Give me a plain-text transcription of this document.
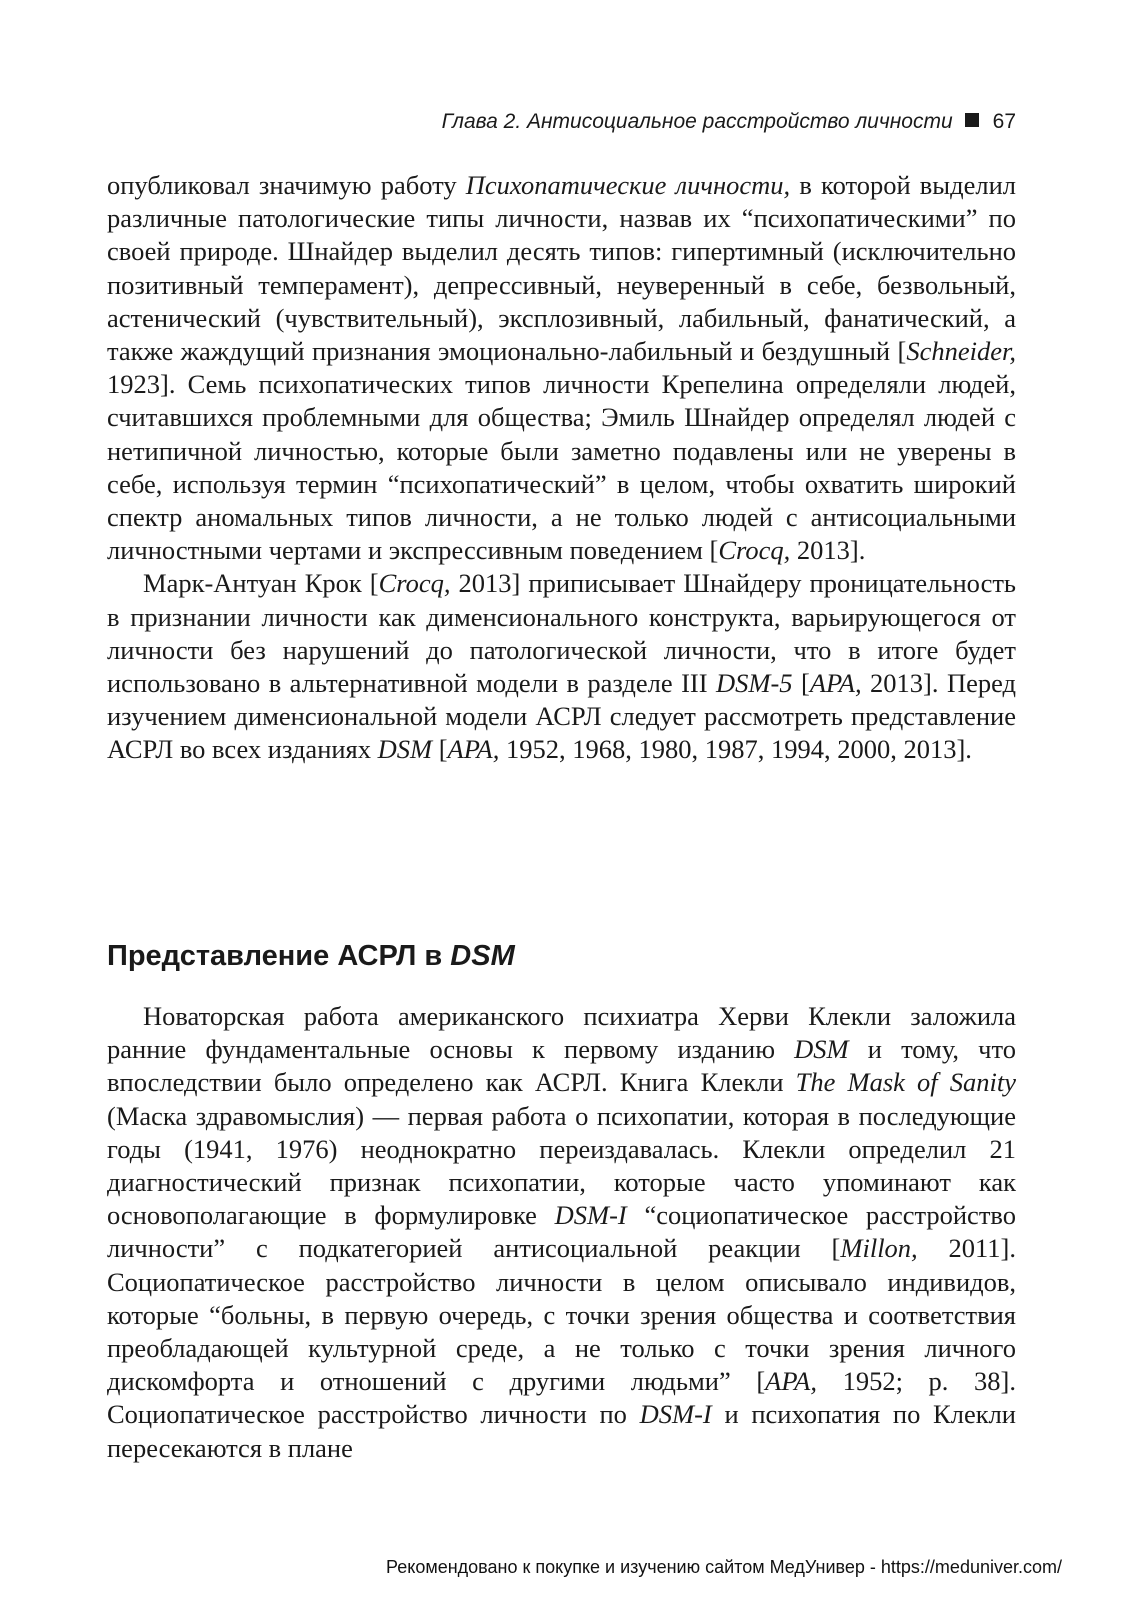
Глава 2. Антисоциальное расстройство личности 67

опубликовал значимую работу Психопатические личности, в которой выделил различные патологические типы личности, назвав их “психопатическими” по своей природе. Шнайдер выделил десять типов: гипертимный (исключительно позитивный темперамент), депрессивный, неуверенный в себе, безвольный, астенический (чувствительный), эксплозивный, лабильный, фанатический, а также жаждущий признания эмоционально-лабильный и бездушный [Schneider, 1923]. Семь психопатических типов личности Крепелина определяли людей, считавшихся проблемными для общества; Эмиль Шнайдер определял людей с нетипичной личностью, которые были заметно подавлены или не уверены в себе, используя термин “психопатический” в целом, чтобы охватить широкий спектр аномальных типов личности, а не только людей с антисоциальными личностными чертами и экспрессивным поведением [Crocq, 2013].

Марк-Антуан Крок [Crocq, 2013] приписывает Шнайдеру проницательность в признании личности как дименсионального конструкта, варьирующегося от личности без нарушений до патологической личности, что в итоге будет использовано в альтернативной модели в разделе III DSM-5 [APA, 2013]. Перед изучением дименсиональной модели АСРЛ следует рассмотреть представление АСРЛ во всех изданиях DSM [APA, 1952, 1968, 1980, 1987, 1994, 2000, 2013].

Представление АСРЛ в DSM

Новаторская работа американского психиатра Херви Клекли заложила ранние фундаментальные основы к первому изданию DSM и тому, что впоследствии было определено как АСРЛ. Книга Клекли The Mask of Sanity (Маска здравомыслия) — первая работа о психопатии, которая в последующие годы (1941, 1976) неоднократно переиздавалась. Клекли определил 21 диагностический признак психопатии, которые часто упоминают как основополагающие в формулировке DSM-I “социопатическое расстройство личности” с подкатегорией антисоциальной реакции [Millon, 2011]. Социопатическое расстройство личности в целом описывало индивидов, которые “больны, в первую очередь, с точки зрения общества и соответствия преобладающей культурной среде, а не только с точки зрения личного дискомфорта и отношений с другими людьми” [APA, 1952; p. 38]. Социопатическое расстройство личности по DSM-I и психопатия по Клекли пересекаются в плане

Рекомендовано к покупке и изучению сайтом МедУнивер - https://meduniver.com/
